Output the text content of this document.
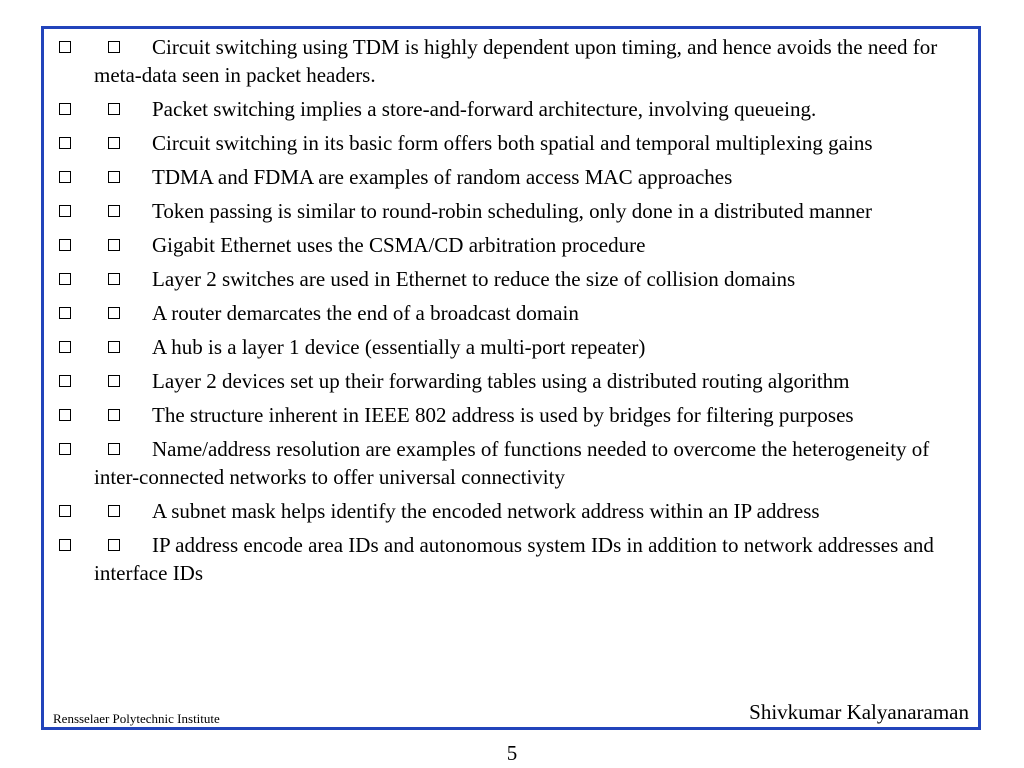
Circuit switching using TDM is highly dependent upon timing, and hence avoids the need for meta-data seen in packet headers.
Packet switching implies a store-and-forward architecture, involving queueing.
Circuit switching in its basic form offers both spatial and temporal multiplexing gains
TDMA and FDMA are examples of random access MAC approaches
Token passing is similar to round-robin scheduling, only done in a distributed manner
Gigabit Ethernet uses the CSMA/CD arbitration procedure
Layer 2 switches are used in Ethernet to reduce the size of collision domains
A router demarcates the end of a broadcast domain
A hub is a layer 1 device (essentially a multi-port repeater)
Layer 2 devices set up their forwarding tables using a distributed routing algorithm
The structure inherent in IEEE 802 address is used by bridges for filtering purposes
Name/address resolution are examples of functions needed to overcome the heterogeneity of inter-connected networks to offer universal connectivity
A subnet mask helps identify the encoded network address within an IP address
IP address encode area IDs and autonomous system IDs in addition to network addresses and interface IDs
Rensselaer Polytechnic Institute	Shivkumar Kalyanaraman
5
